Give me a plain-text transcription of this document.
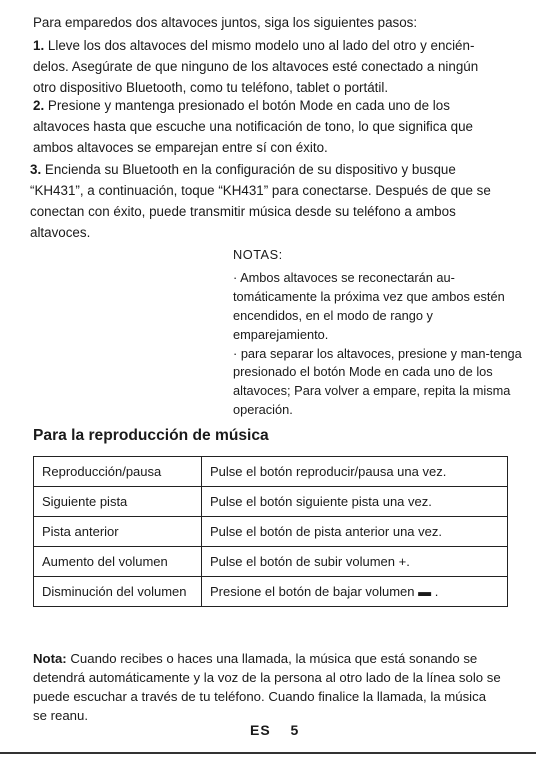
Para emparedos dos altavoces juntos, siga los siguientes pasos:

1. Lleve los dos altavoces del mismo modelo uno al lado del otro y encién-delos. Asegúrate de que ninguno de los altavoces esté conectado a ningún otro dispositivo Bluetooth, como tu teléfono, tablet o portátil.

2. Presione y mantenga presionado el botón Mode en cada uno de los altavoces hasta que escuche una notificación de tono, lo que significa que ambos altavoces se emparejan entre sí con éxito.

3. Encienda su Bluetooth en la configuración de su dispositivo y busque “KH431”, a continuación, toque “KH431” para conectarse. Después de que se conectan con éxito, puede transmitir música desde su teléfono a ambos altavoces.

NOTAS:
· Ambos altavoces se reconectarán au-tomáticamente la próxima vez que ambos estén encendidos, en el modo de rango y emparejamiento.
· para separar los altavoces, presione y man-tenga presionado el botón Mode en cada uno de los altavoces; Para volver a empare, repita la misma operación.
Para la reproducción de música
Reproducción/pausa	Pulse el botón reproducir/pausa una vez.
Siguiente pista	Pulse el botón siguiente pista una vez.
Pista anterior	Pulse el botón de pista anterior una vez.
Aumento del volumen	Pulse el botón de subir volumen +.
Disminución del volumen	Presione el botón de bajar volumen ▬ .

Nota: Cuando recibes o haces una llamada, la música que está sonando se detendrá automáticamente y la voz de la persona al otro lado de la línea solo se puede escuchar a través de tu teléfono. Cuando finalice la llamada, la música se reanu.

ES 5
